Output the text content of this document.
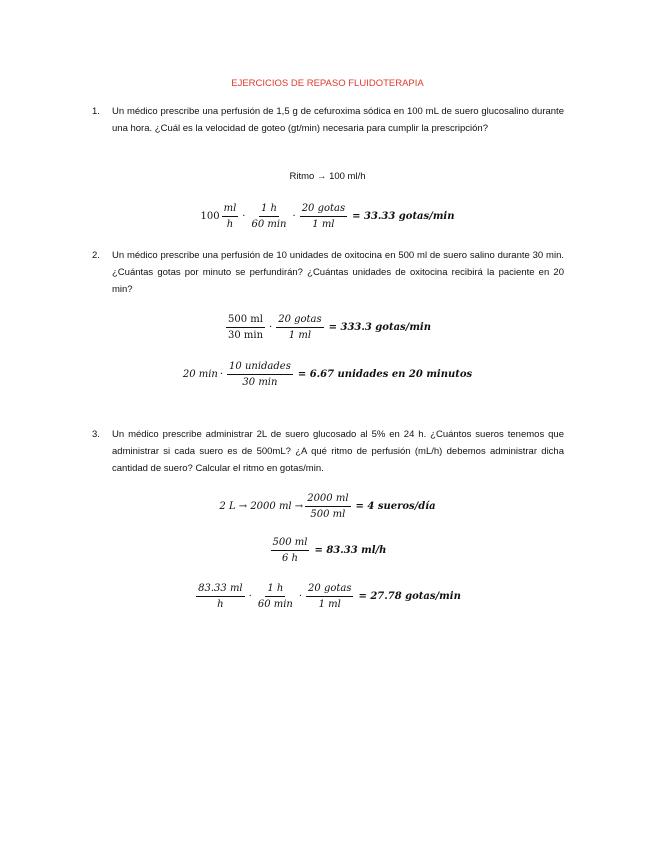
EJERCICIOS DE REPASO FLUIDOTERAPIA
1. Un médico prescribe una perfusión de 1,5 g de cefuroxima sódica en 100 mL de suero glucosalino durante una hora. ¿Cuál es la velocidad de goteo (gt/min) necesaria para cumplir la prescripción?
Ritmo → 100 ml/h
$100 \frac{ml}{h} \cdot \frac{1 h}{60 \min} \cdot \frac{\text{20 gotas}}{1 ml} = 33.33$ gotas/min
2. Un médico prescribe una perfusión de 10 unidades de oxitocina en 500 ml de suero salino durante 30 min. ¿Cuántas gotas por minuto se perfundirán? ¿Cuántas unidades de oxitocina recibirá la paciente en 20 min?
$\frac{500 ml}{30 \min} \cdot \frac{\text{20 gotas}}{1 ml} = 333.3$ gotas/min
20 $\min \cdot \frac{\text{10 unidades}}{30 \min} = 6.67$ unidades en 20 minutos
3. Un médico prescribe administrar 2L de suero glucosado al 5% en 24 h. ¿Cuántos sueros tenemos que administrar si cada suero es de 500mL? ¿A qué ritmo de perfusión (mL/h) debemos administrar dicha cantidad de suero? Calcular el ritmo en gotas/min.
2 L → 2000 ml → $\frac{2000 ml}{500 ml} = 4$ sueros/día
$\frac{500 ml}{6 h} = 83.33$ ml/h
$\frac{83.33 ml}{h} \cdot \frac{1 h}{60 \min} \cdot \frac{\text{20 gotas}}{1 ml} = 27.78$ gotas/min
